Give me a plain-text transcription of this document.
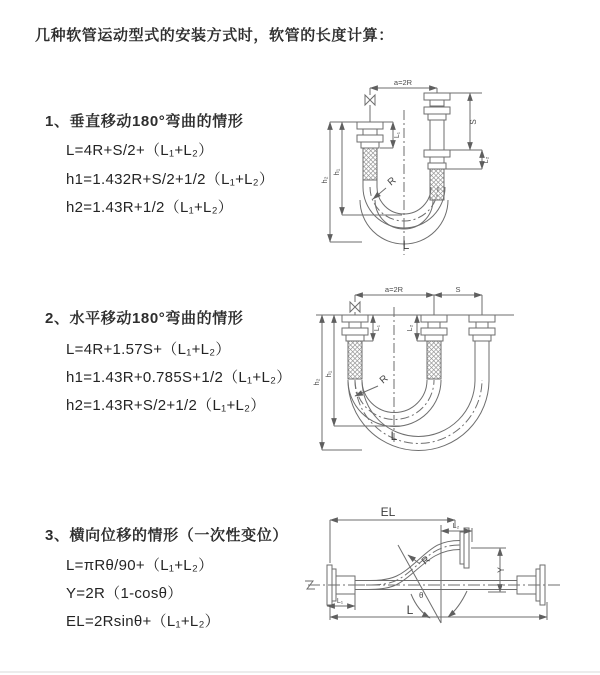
几种软管运动型式的安装方式时，软管的长度计算：
1、垂直移动180°弯曲的情形
L=4R+S/2+（L₁+L₂）
h1=1.432R+S/2+1/2（L₁+L₂）
h2=1.43R+1/2（L₁+L₂）
2、水平移动180°弯曲的情形
L=4R+1.57S+（L₁+L₂）
h1=1.43R+0.785S+1/2（L₁+L₂）
h2=1.43R+S/2+1/2（L₁+L₂）
3、横向位移的情形（一次性变位）
L=πRθ/90+（L₁+L₂）
Y=2R（1-cosθ）
EL=2Rsinθ+（L₁+L₂）
a=2R
h₂
h₁
L₁
S
L₂
R
L
a=2R	S
h₂
h₁
L₁	L₂
R
L
EL
L₂
Y
R
θ
L
L₁
